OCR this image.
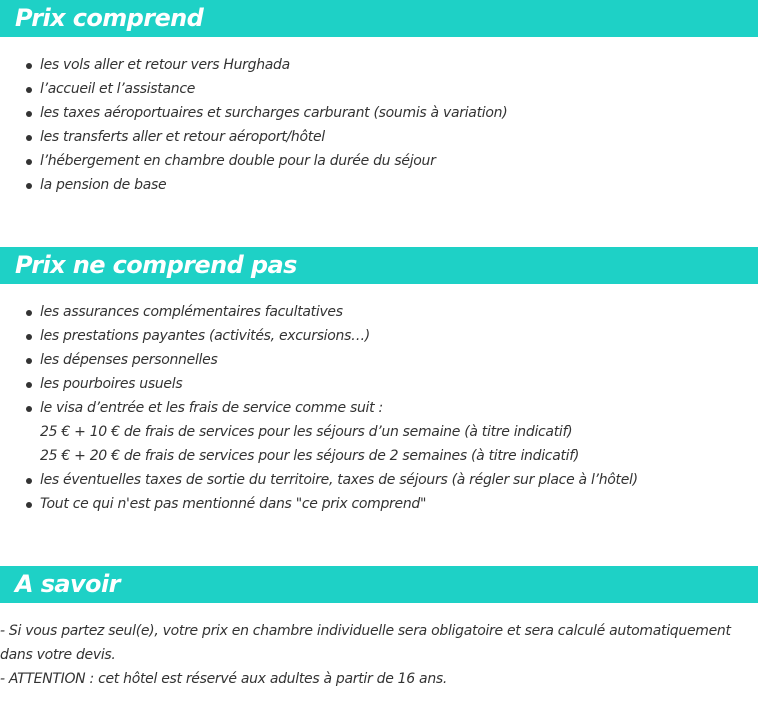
Prix comprend
les vols aller et retour vers Hurghada
l’accueil et l’assistance
les taxes aéroportuaires et surcharges carburant (soumis à variation)
les transferts aller et retour aéroport/hôtel
l’hébergement en chambre double pour la durée du séjour
la pension de base
Prix ne comprend pas
les assurances complémentaires facultatives
les prestations payantes (activités, excursions…)
les dépenses personnelles
les pourboires usuels
le visa d’entrée et les frais de service comme suit :
25 € + 10 € de frais de services pour les séjours d’un semaine (à titre indicatif)
25 € + 20 € de frais de services pour les séjours de 2 semaines (à titre indicatif)
les éventuelles taxes de sortie du territoire, taxes de séjours (à régler sur place à l’hôtel)
Tout ce qui n'est pas mentionné dans "ce prix comprend"
A savoir

- Si vous partez seul(e), votre prix en chambre individuelle sera obligatoire et sera calculé automatiquement dans votre devis.

- ATTENTION : cet hôtel est réservé aux adultes à partir de 16 ans.
